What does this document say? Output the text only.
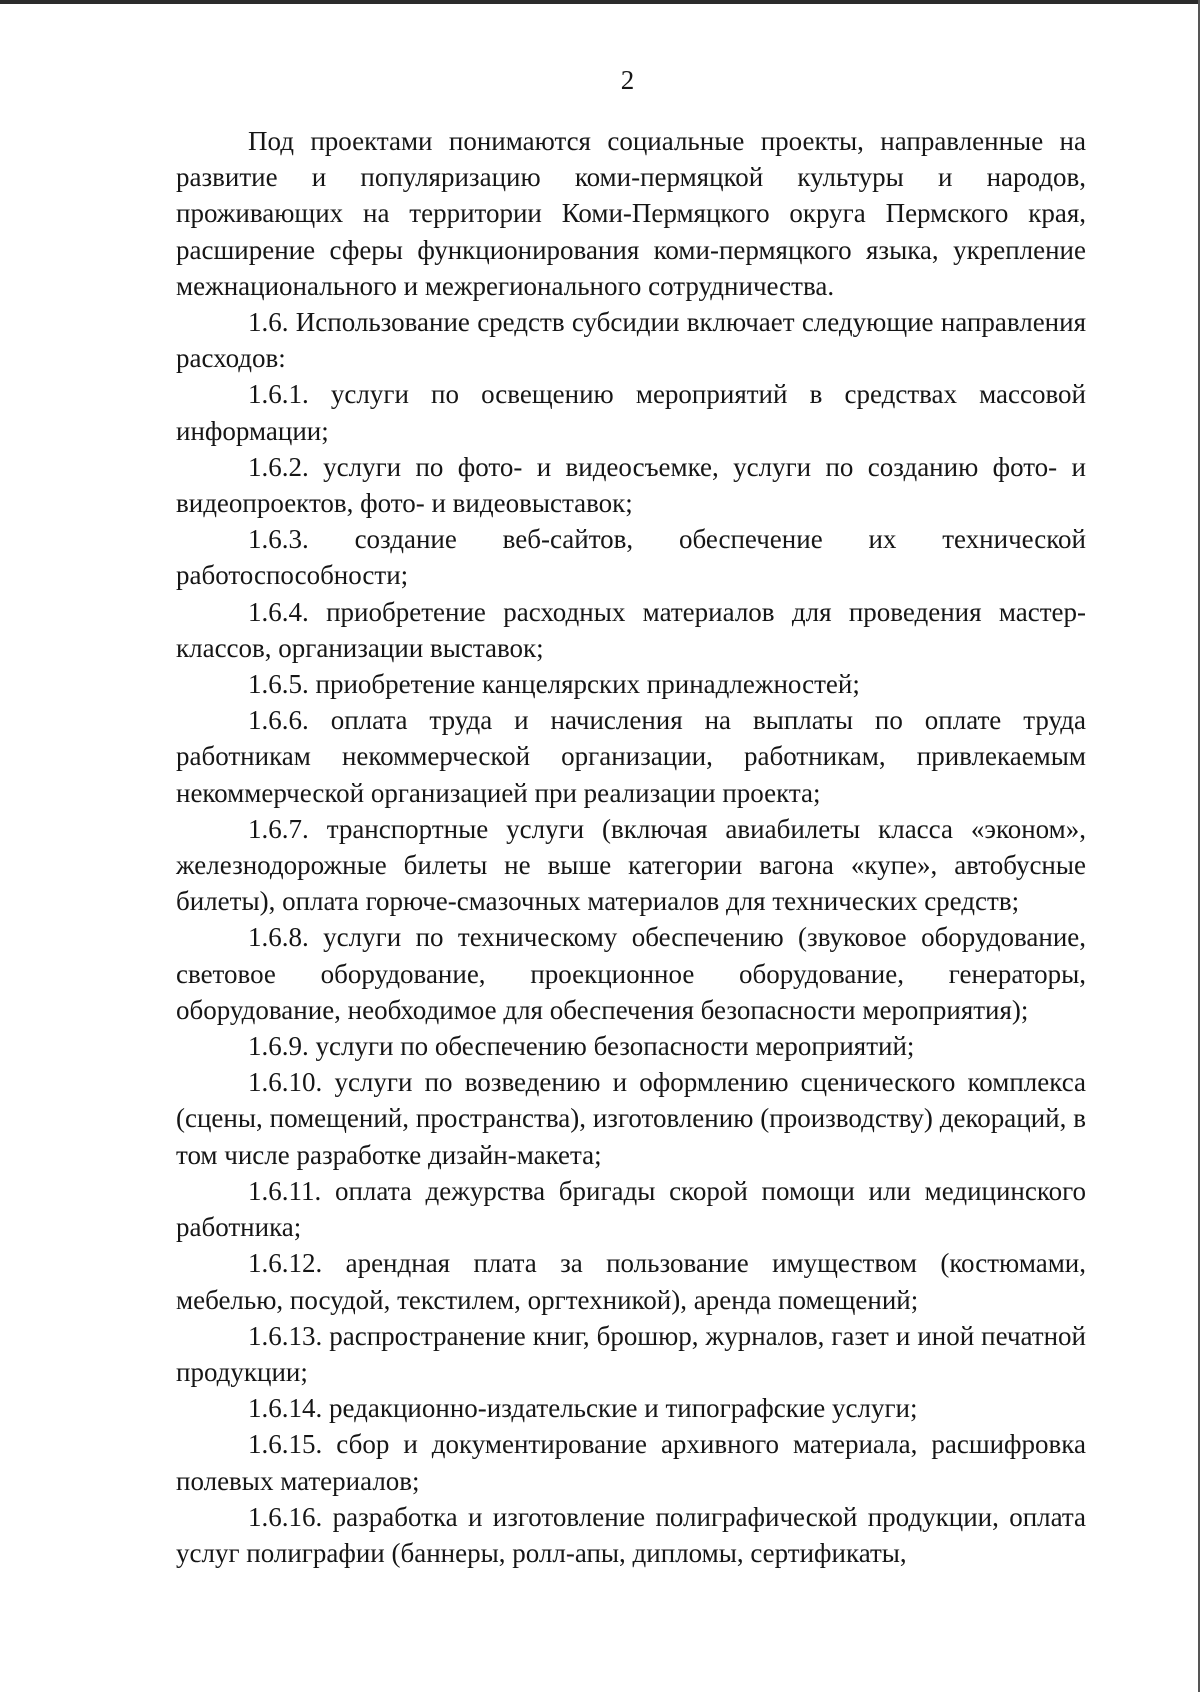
2

Под проектами понимаются социальные проекты, направленные на развитие и популяризацию коми-пермяцкой культуры и народов, проживающих на территории Коми-Пермяцкого округа Пермского края, расширение сферы функционирования коми-пермяцкого языка, укрепление межнационального и межрегионального сотрудничества.

1.6. Использование средств субсидии включает следующие направления расходов:

1.6.1. услуги по освещению мероприятий в средствах массовой информации;

1.6.2. услуги по фото- и видеосъемке, услуги по созданию фото- и видеопроектов, фото- и видеовыставок;

1.6.3. создание веб-сайтов, обеспечение их технической работоспособности;

1.6.4. приобретение расходных материалов для проведения мастер-классов, организации выставок;

1.6.5. приобретение канцелярских принадлежностей;

1.6.6. оплата труда и начисления на выплаты по оплате труда работникам некоммерческой организации, работникам, привлекаемым некоммерческой организацией при реализации проекта;

1.6.7. транспортные услуги (включая авиабилеты класса «эконом», железнодорожные билеты не выше категории вагона «купе», автобусные билеты), оплата горюче-смазочных материалов для технических средств;

1.6.8. услуги по техническому обеспечению (звуковое оборудование, световое оборудование, проекционное оборудование, генераторы, оборудование, необходимое для обеспечения безопасности мероприятия);

1.6.9. услуги по обеспечению безопасности мероприятий;

1.6.10. услуги по возведению и оформлению сценического комплекса (сцены, помещений, пространства), изготовлению (производству) декораций, в том числе разработке дизайн-макета;

1.6.11. оплата дежурства бригады скорой помощи или медицинского работника;

1.6.12. арендная плата за пользование имуществом (костюмами, мебелью, посудой, текстилем, оргтехникой), аренда помещений;

1.6.13. распространение книг, брошюр, журналов, газет и иной печатной продукции;

1.6.14. редакционно-издательские и типографские услуги;

1.6.15. сбор и документирование архивного материала, расшифровка полевых материалов;

1.6.16. разработка и изготовление полиграфической продукции, оплата услуг полиграфии (баннеры, ролл-апы, дипломы, сертификаты,
